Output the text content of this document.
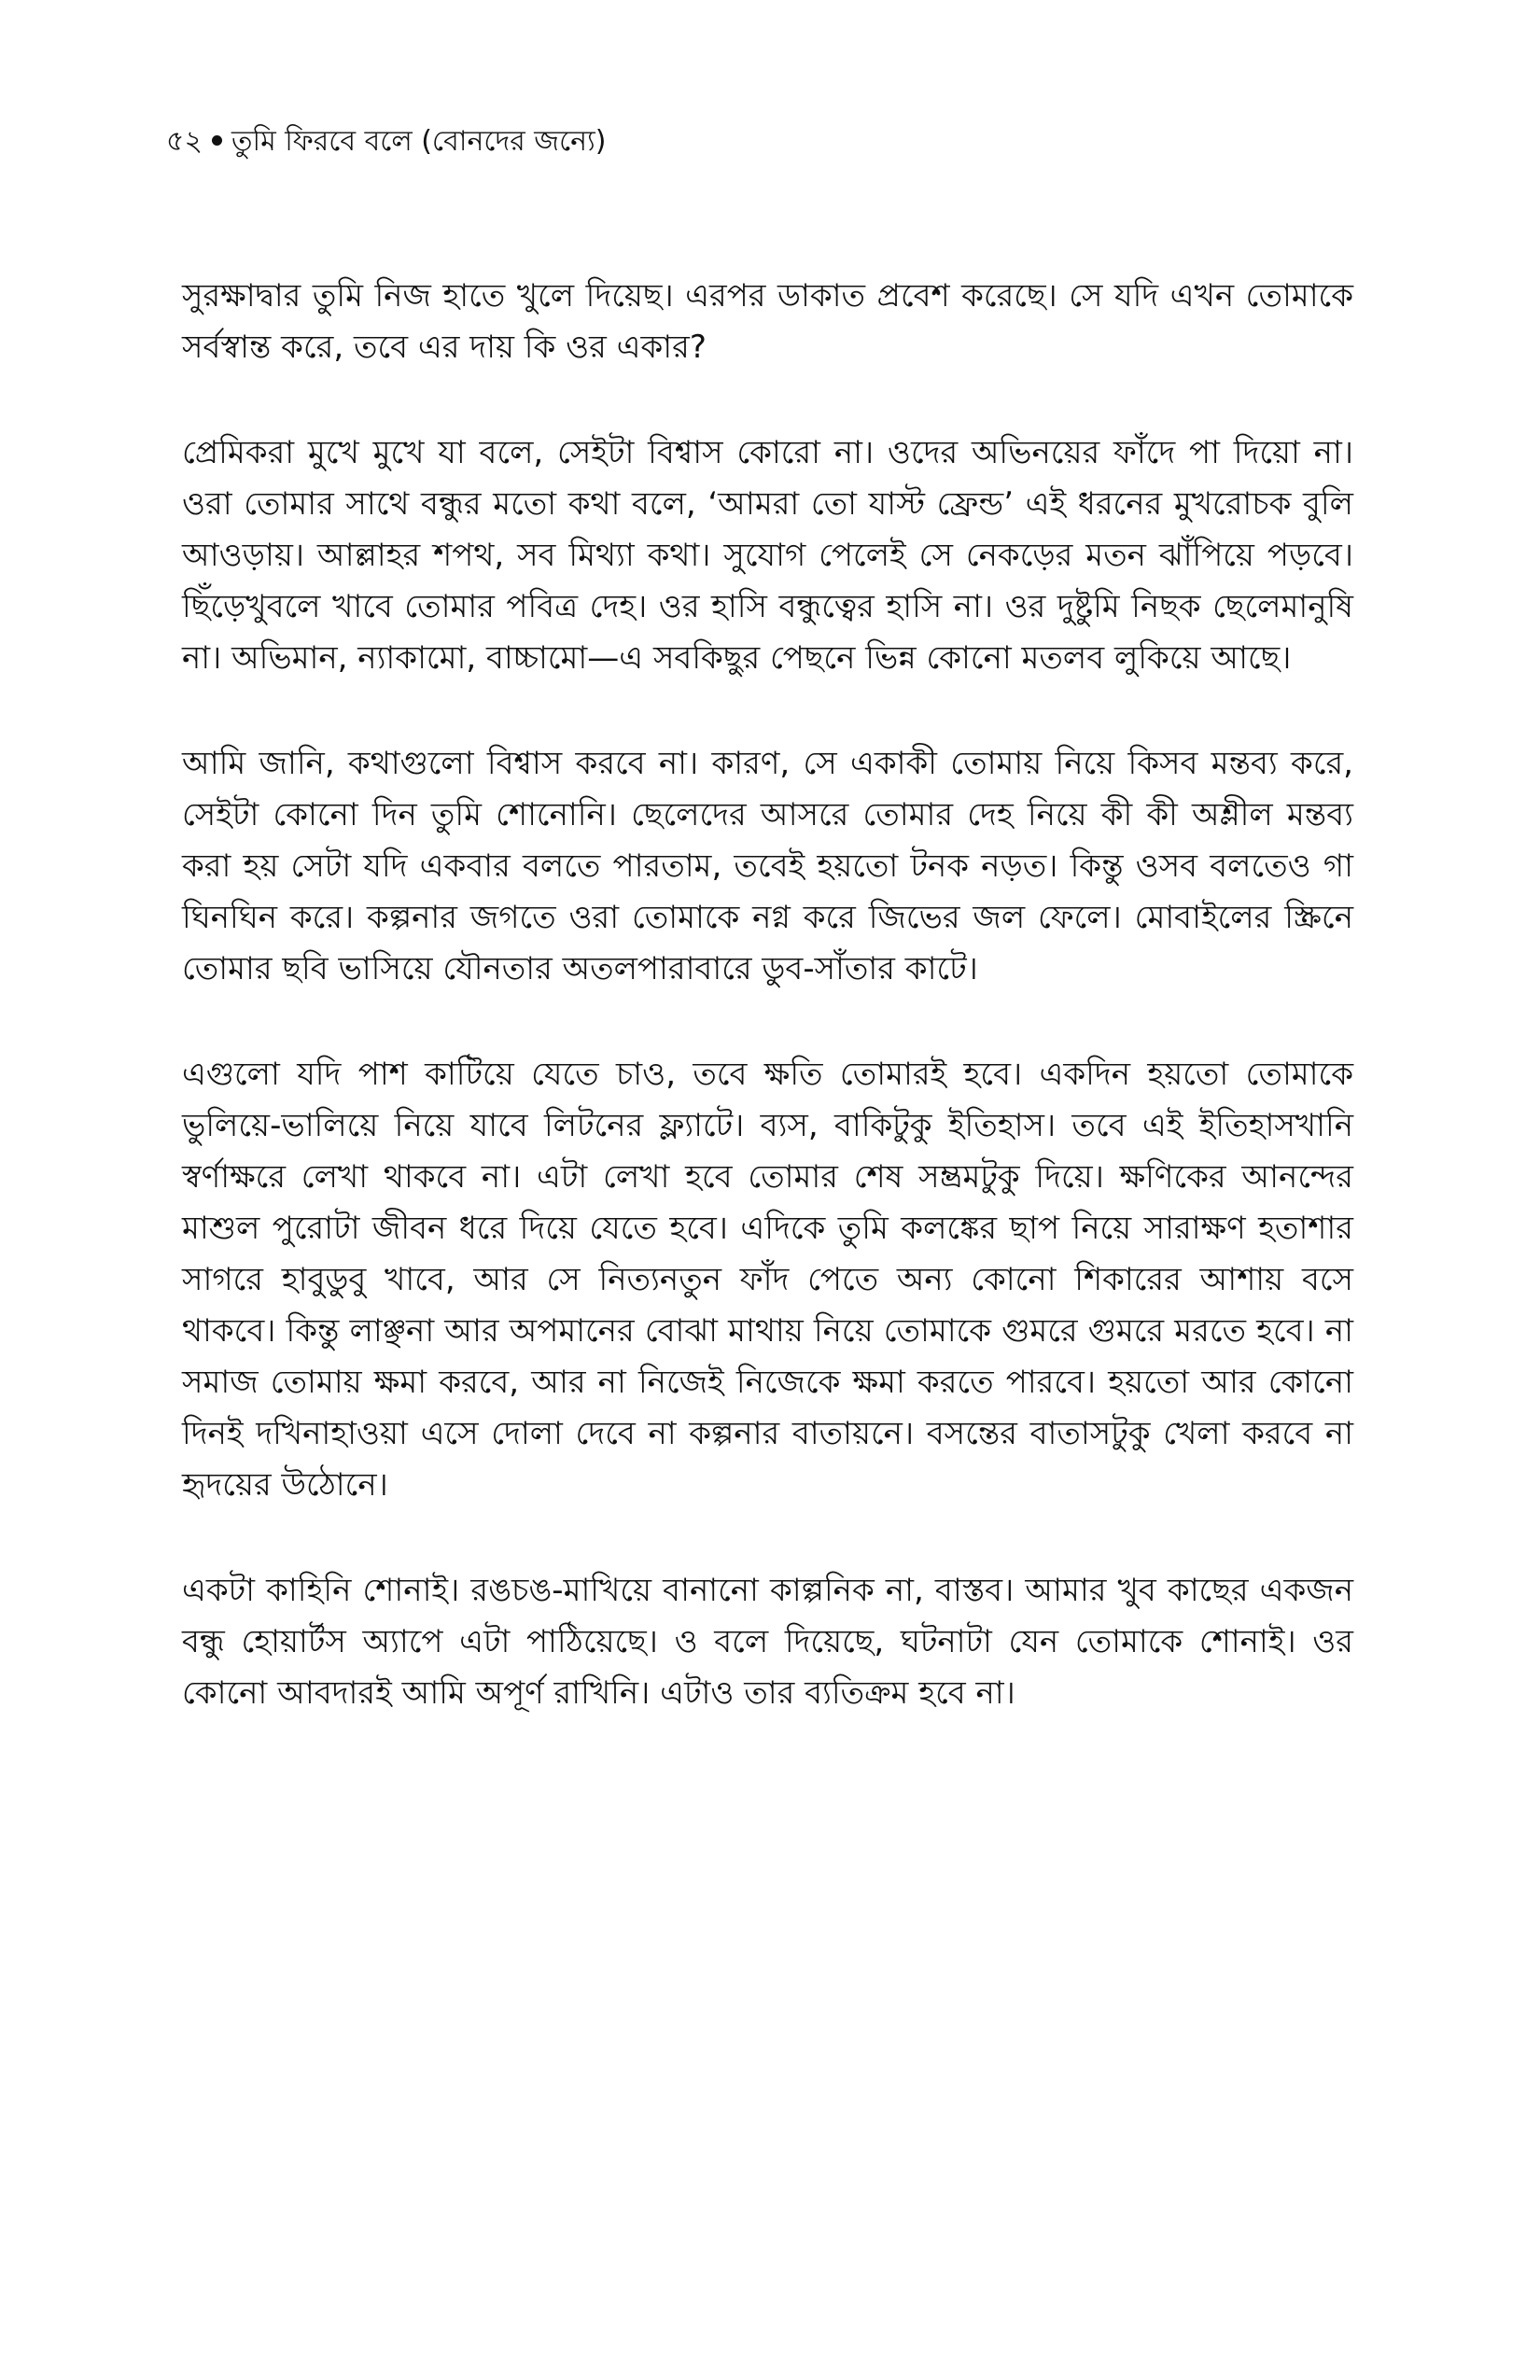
৫২ তুমি ফিরবে বলে (বোনদের জন্যে)

সুরক্ষাদ্বার তুমি নিজ হাতে খুলে দিয়েছ। এরপর ডাকাত প্রবেশ করেছে। সে যদি এখন তোমাকে সর্বস্বান্ত করে, তবে এর দায় কি ওর একার?

প্রেমিকরা মুখে মুখে যা বলে, সেইটা বিশ্বাস কোরো না। ওদের অভিনয়ের ফাঁদে পা দিয়ো না। ওরা তোমার সাথে বন্ধুর মতো কথা বলে, ‘আমরা তো যাস্ট ফ্রেন্ড’ এই ধরনের মুখরোচক বুলি আওড়ায়। আল্লাহর শপথ, সব মিথ্যা কথা। সুযোগ পেলেই সে নেকড়ের মতন ঝাঁপিয়ে পড়বে। ছিঁড়েখুবলে খাবে তোমার পবিত্র দেহ। ওর হাসি বন্ধুত্বের হাসি না। ওর দুষ্টুমি নিছক ছেলেমানুষি না। অভিমান, ন্যাকামো, বাচ্চামো—এ সবকিছুর পেছনে ভিন্ন কোনো মতলব লুকিয়ে আছে।

আমি জানি, কথাগুলো বিশ্বাস করবে না। কারণ, সে একাকী তোমায় নিয়ে কিসব মন্তব্য করে, সেইটা কোনো দিন তুমি শোনোনি। ছেলেদের আসরে তোমার দেহ নিয়ে কী কী অশ্লীল মন্তব্য করা হয় সেটা যদি একবার বলতে পারতাম, তবেই হয়তো টনক নড়ত। কিন্তু ওসব বলতেও গা ঘিনঘিন করে। কল্পনার জগতে ওরা তোমাকে নগ্ন করে জিভের জল ফেলে। মোবাইলের স্ক্রিনে তোমার ছবি ভাসিয়ে যৌনতার অতলপারাবারে ডুব-সাঁতার কাটে।

এগুলো যদি পাশ কাটিয়ে যেতে চাও, তবে ক্ষতি তোমারই হবে। একদিন হয়তো তোমাকে ভুলিয়ে-ভালিয়ে নিয়ে যাবে লিটনের ফ্ল্যাটে। ব্যস, বাকিটুকু ইতিহাস। তবে এই ইতিহাসখানি স্বর্ণাক্ষরে লেখা থাকবে না। এটা লেখা হবে তোমার শেষ সম্ভ্রমটুকু দিয়ে। ক্ষণিকের আনন্দের মাশুল পুরোটা জীবন ধরে দিয়ে যেতে হবে। এদিকে তুমি কলঙ্কের ছাপ নিয়ে সারাক্ষণ হতাশার সাগরে হাবুডুবু খাবে, আর সে নিত্যনতুন ফাঁদ পেতে অন্য কোনো শিকারের আশায় বসে থাকবে। কিন্তু লাঞ্ছনা আর অপমানের বোঝা মাথায় নিয়ে তোমাকে গুমরে গুমরে মরতে হবে। না সমাজ তোমায় ক্ষমা করবে, আর না নিজেই নিজেকে ক্ষমা করতে পারবে। হয়তো আর কোনো দিনই দখিনাহাওয়া এসে দোলা দেবে না কল্পনার বাতায়নে। বসন্তের বাতাসটুকু খেলা করবে না হৃদয়ের উঠোনে।

একটা কাহিনি শোনাই। রঙচঙ-মাখিয়ে বানানো কাল্পনিক না, বাস্তব। আমার খুব কাছের একজন বন্ধু হোয়ার্টস অ্যাপে এটা পাঠিয়েছে। ও বলে দিয়েছে, ঘটনাটা যেন তোমাকে শোনাই। ওর কোনো আবদারই আমি অপূর্ণ রাখিনি। এটাও তার ব্যতিক্রম হবে না।
